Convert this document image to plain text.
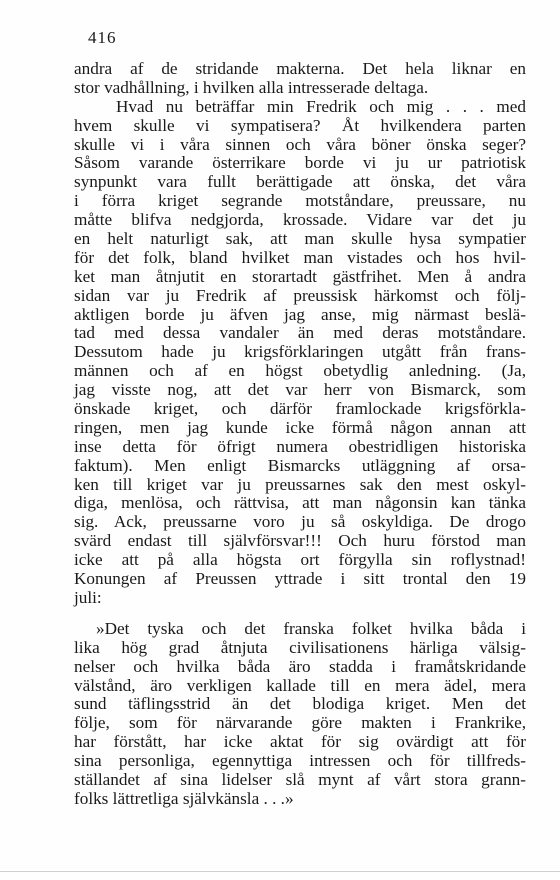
416
andra af de stridande makterna. Det hela liknar en
stor vadhållning, i hvilken alla intresserade deltaga.
Hvad nu beträffar min Fredrik och mig . . . med
hvem skulle vi sympatisera? Åt hvilkendera parten
skulle vi i våra sinnen och våra böner önska seger?
Såsom varande österrikare borde vi ju ur patriotisk
synpunkt vara fullt berättigade att önska, det våra
i förra kriget segrande motståndare, preussare, nu
måtte blifva nedgjorda, krossade. Vidare var det ju
en helt naturligt sak, att man skulle hysa sympatier
för det folk, bland hvilket man vistades och hos hvil-
ket man åtnjutit en storartadt gästfrihet. Men å andra
sidan var ju Fredrik af preussisk härkomst och följ-
aktligen borde ju äfven jag anse, mig närmast beslä-
tad med dessa vandaler än med deras motståndare.
Dessutom hade ju krigsförklaringen utgått från frans-
männen och af en högst obetydlig anledning. (Ja,
jag visste nog, att det var herr von Bismarck, som
önskade kriget, och därför framlockade krigsförkla-
ringen, men jag kunde icke förmå någon annan att
inse detta för öfrigt numera obestridligen historiska
faktum). Men enligt Bismarcks utläggning af orsa-
ken till kriget var ju preussarnes sak den mest oskyl-
diga, menlösa, och rättvisa, att man någonsin kan tänka
sig. Ack, preussarne voro ju så oskyldiga. De drogo
svärd endast till självförsvar!!! Och huru förstod man
icke att på alla högsta ort förgylla sin roflystnad!
Konungen af Preussen yttrade i sitt trontal den 19
juli:
»Det tyska och det franska folket hvilka båda i
lika hög grad åtnjuta civilisationens härliga välsig-
nelser och hvilka båda äro stadda i framåtskridande
välstånd, äro verkligen kallade till en mera ädel, mera
sund täflingsstrid än det blodiga kriget. Men det
följe, som för närvarande göre makten i Frankrike,
har förstått, har icke aktat för sig ovärdigt att för
sina personliga, egennyttiga intressen och för tillfreds-
ställandet af sina lidelser slå mynt af vårt stora grann-
folks lättretliga självkänsla . . .»
